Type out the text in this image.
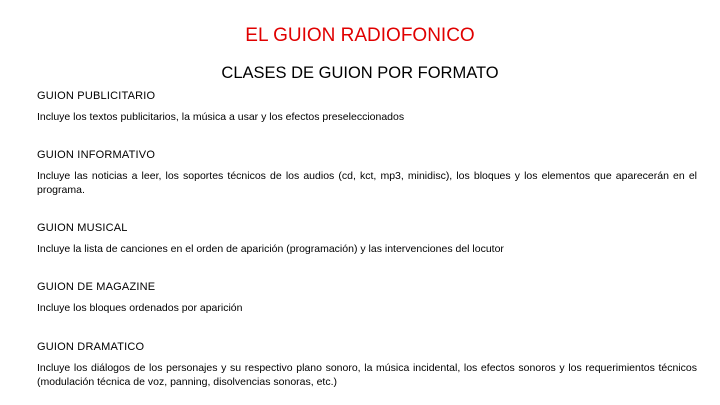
EL GUION RADIOFONICO
CLASES DE GUION POR FORMATO

GUION PUBLICITARIO

Incluye los textos publicitarios, la música a usar y los efectos preseleccionados

GUION INFORMATIVO

Incluye las noticias a leer, los soportes técnicos de los audios (cd, kct, mp3, minidisc), los bloques y los elementos que aparecerán en el programa.

GUION MUSICAL

Incluye la lista de canciones en el orden de aparición (programación) y las intervenciones del locutor

GUION DE MAGAZINE

Incluye los bloques ordenados por aparición

GUION DRAMATICO

Incluye los diálogos de los personajes y su respectivo plano sonoro, la música incidental, los efectos sonoros y los requerimientos técnicos (modulación técnica de voz, panning, disolvencias sonoras, etc.)
